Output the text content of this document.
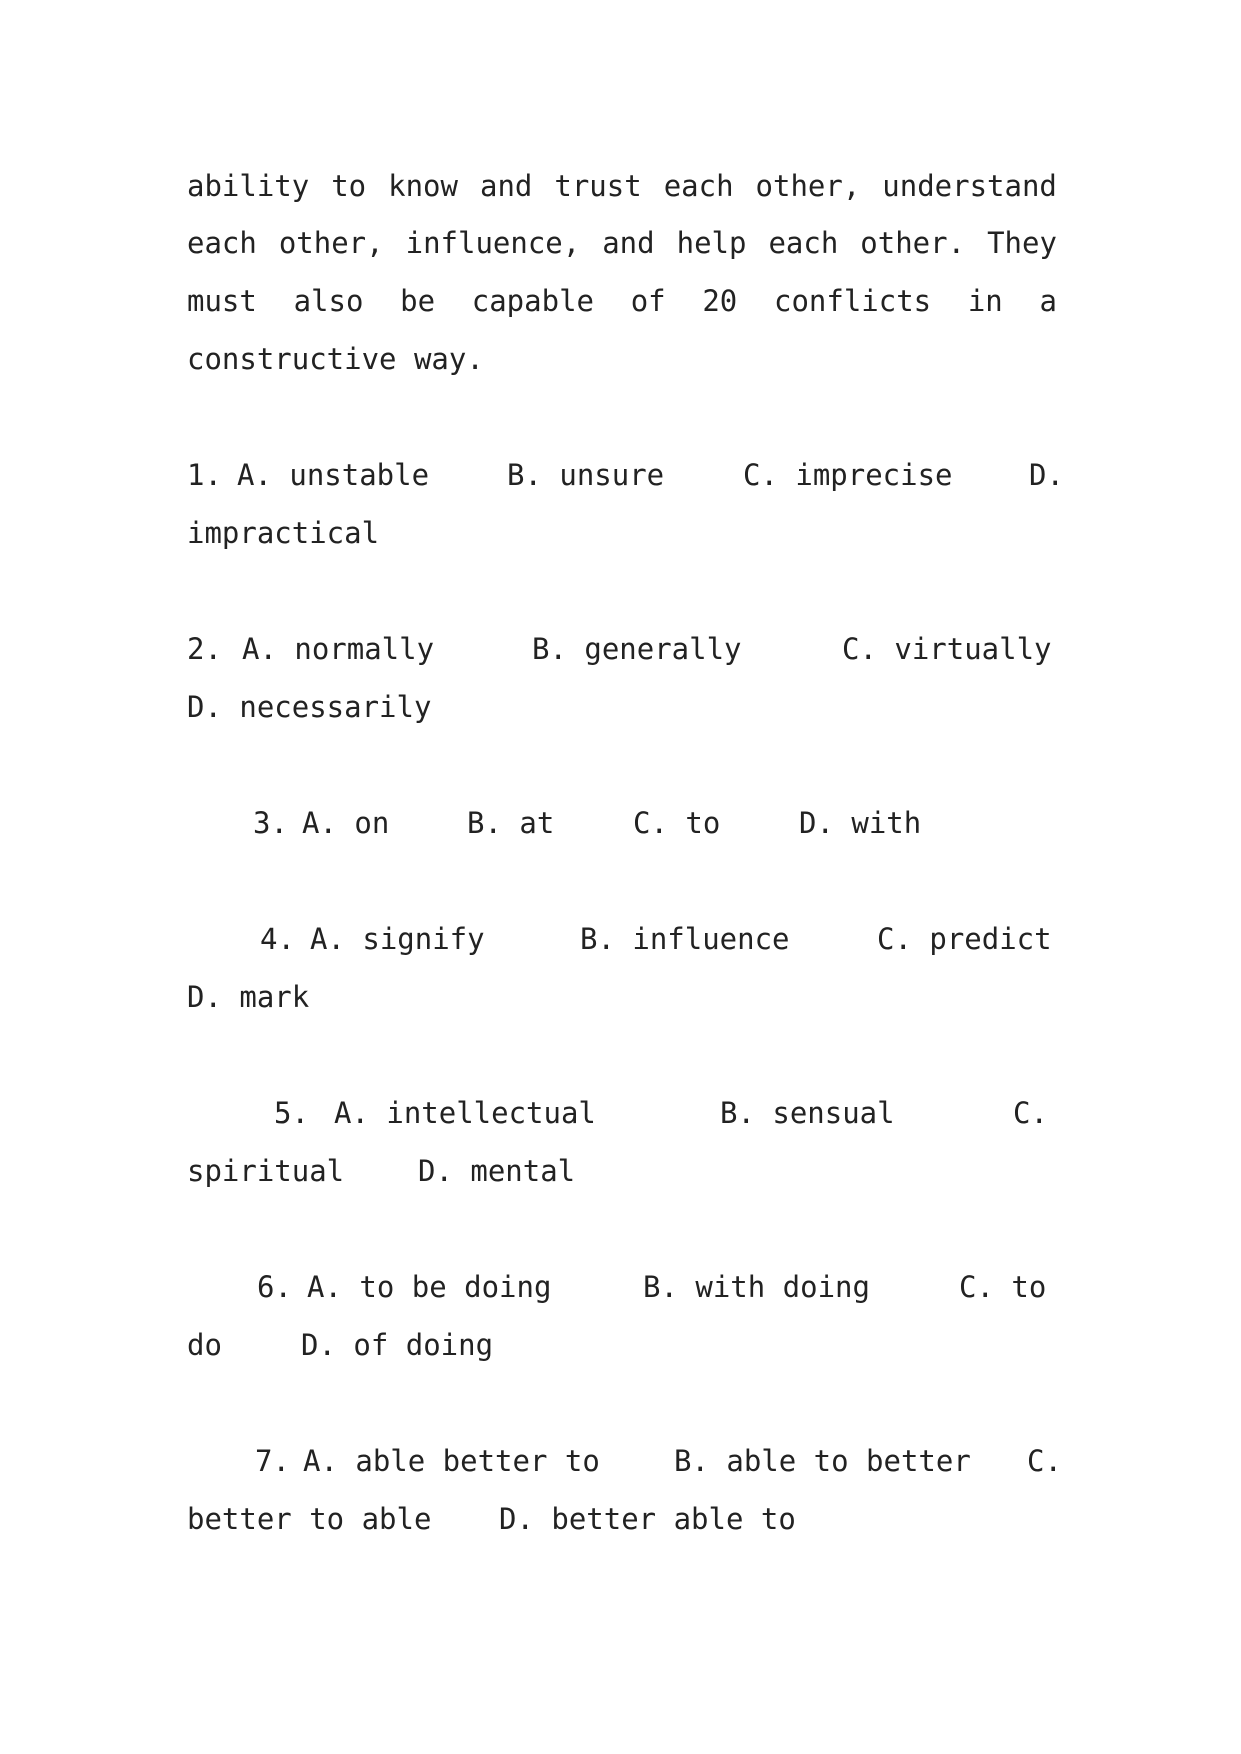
ability to know and trust each other, understand
each other, influence, and help each other. They
must also be capable of 20 conflicts in a
constructive way.
1. A. unstable	B. unsure	C. imprecise	D.
impractical
2. A. normally	B. generally	C. virtually
D. necessarily
3. A. on	B. at	C. to	D. with
4. A. signify	B. influence	C. predict
D. mark
5. A. intellectual	B. sensual	C.
spiritual	D. mental
6. A. to be doing	B. with doing	C. to
do	D. of doing
7. A. able better to	B. able to better C.
better to able D. better able to
